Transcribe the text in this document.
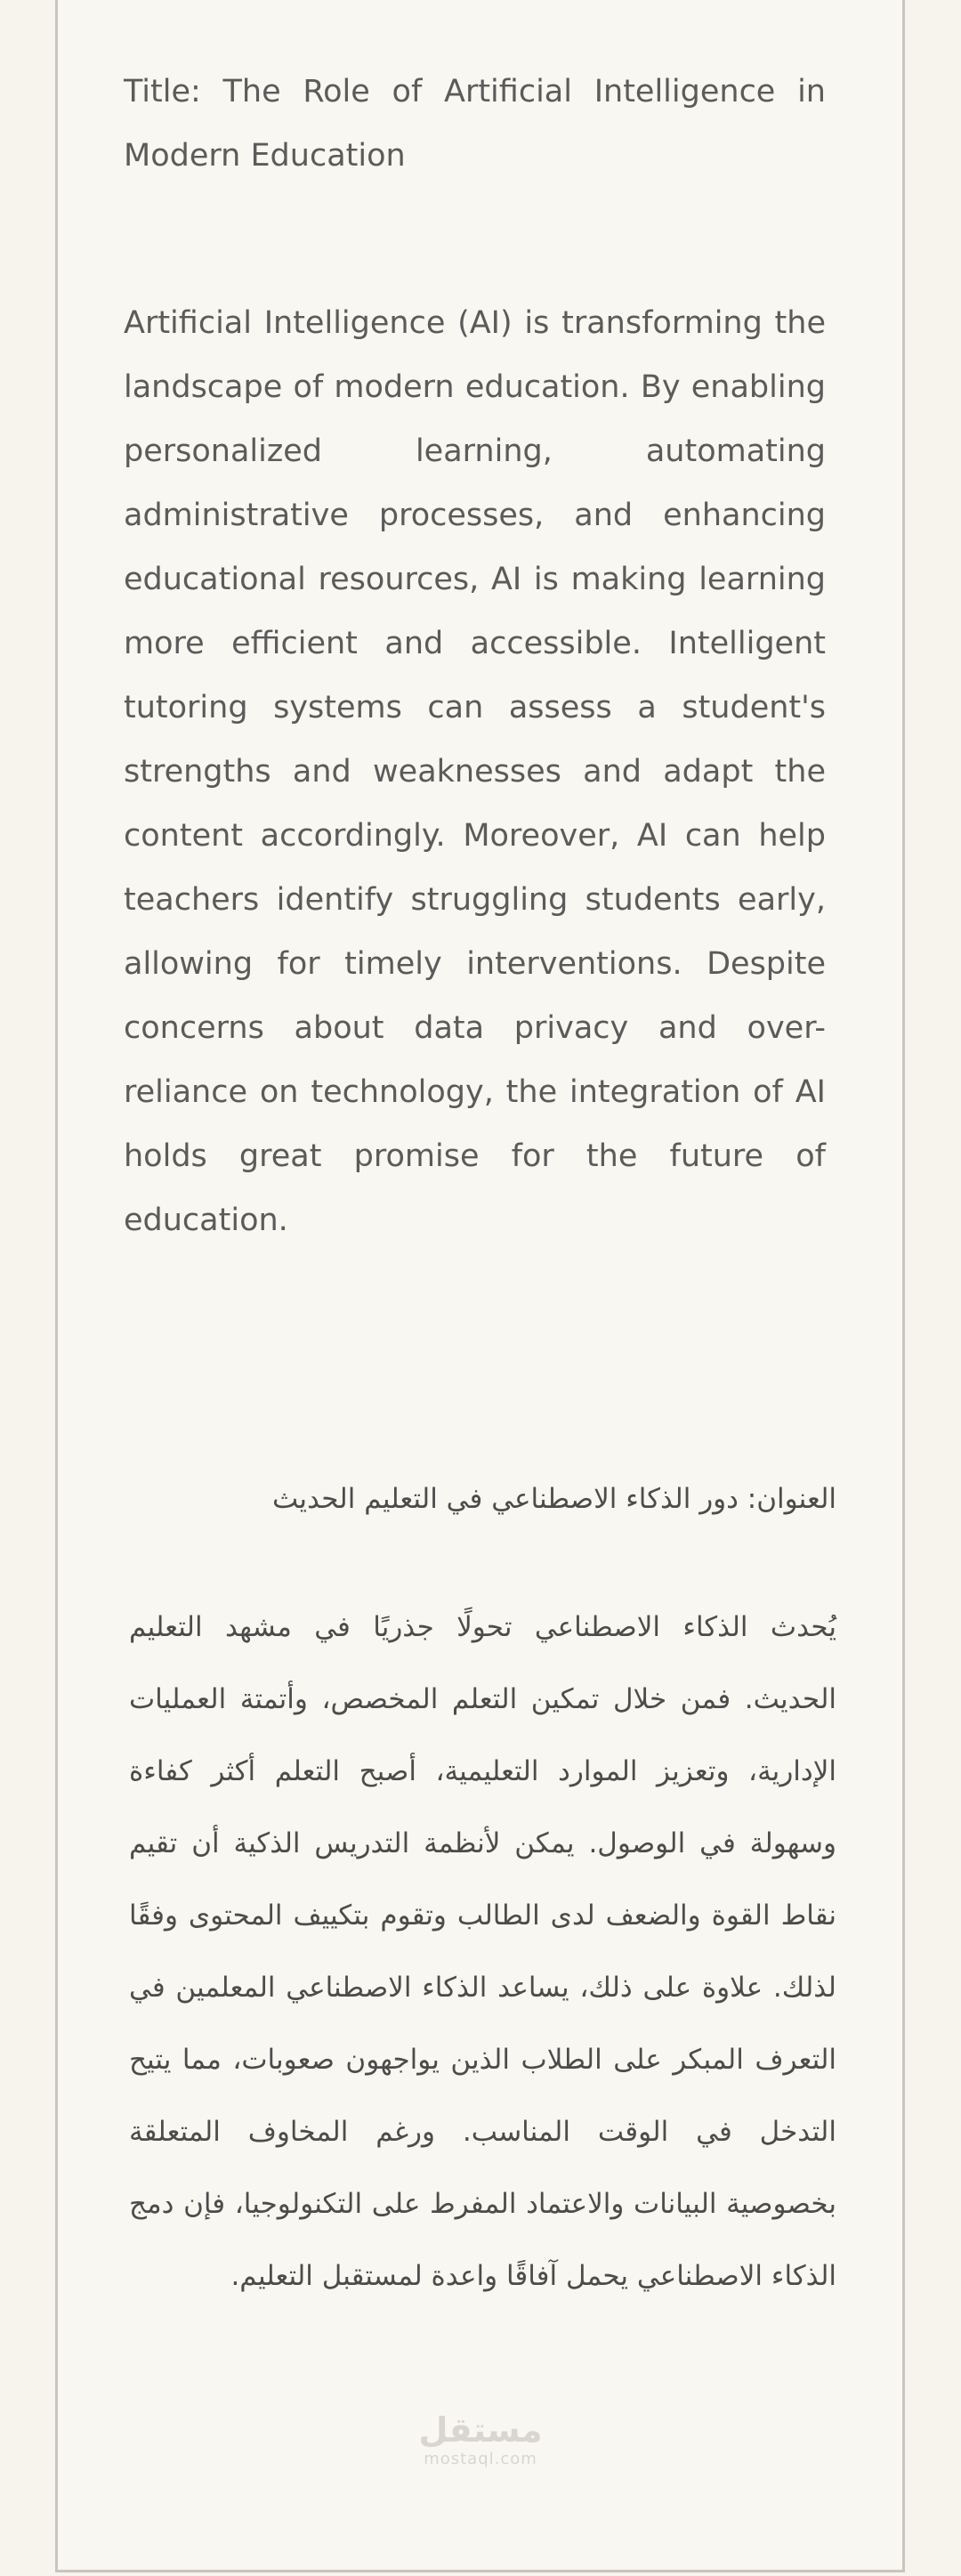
Title: The Role of Artificial Intelligence in Modern Education

Artificial Intelligence (AI) is transforming the landscape of modern education. By enabling personalized learning, automating administrative processes, and enhancing educational resources, AI is making learning more efficient and accessible. Intelligent tutoring systems can assess a student's strengths and weaknesses and adapt the content accordingly. Moreover, AI can help teachers identify struggling students early, allowing for timely interventions. Despite concerns about data privacy and over-reliance on technology, the integration of AI holds great promise for the future of education.

العنوان: دور الذكاء الاصطناعي في التعليم الحديث

يُحدث الذكاء الاصطناعي تحولًا جذريًا في مشهد التعليم الحديث. فمن خلال تمكين التعلم المخصص، وأتمتة العمليات الإدارية، وتعزيز الموارد التعليمية، أصبح التعلم أكثر كفاءة وسهولة في الوصول. يمكن لأنظمة التدريس الذكية أن تقيم نقاط القوة والضعف لدى الطالب وتقوم بتكييف المحتوى وفقًا لذلك. علاوة على ذلك، يساعد الذكاء الاصطناعي المعلمين في التعرف المبكر على الطلاب الذين يواجهون صعوبات، مما يتيح التدخل في الوقت المناسب. ورغم المخاوف المتعلقة بخصوصية البيانات والاعتماد المفرط على التكنولوجيا، فإن دمج الذكاء الاصطناعي يحمل آفاقًا واعدة لمستقبل التعليم.

مستقل
mostaql.com
